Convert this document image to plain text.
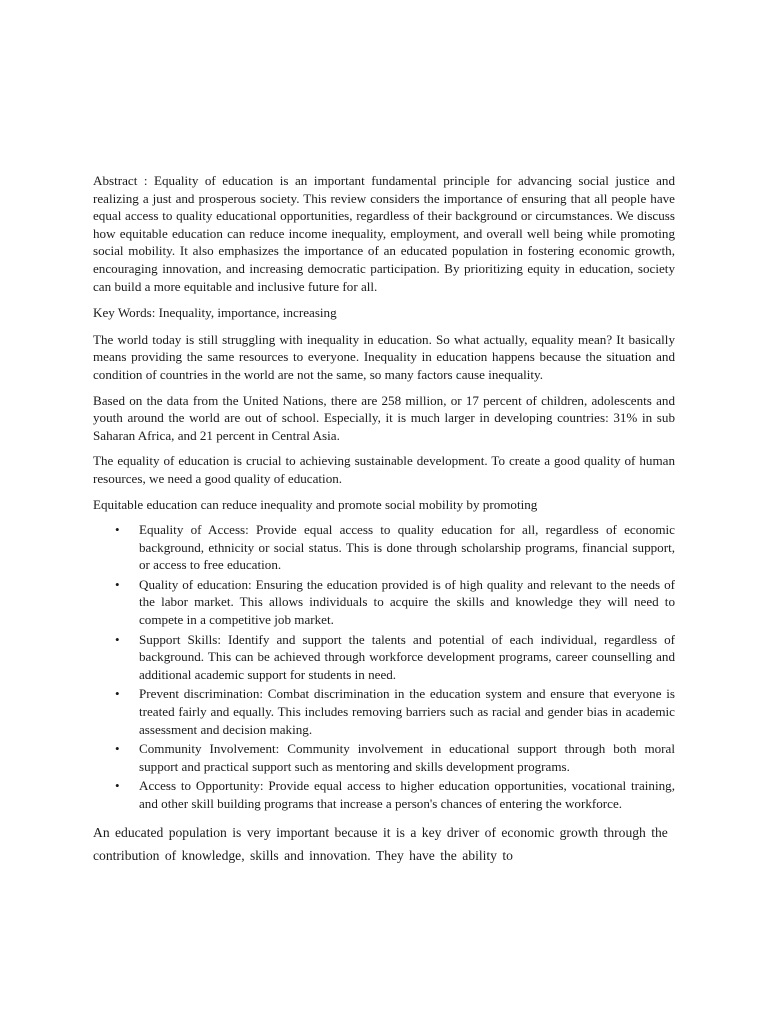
Abstract : Equality of education is an important fundamental principle for advancing social justice and realizing a just and prosperous society. This review considers the importance of ensuring that all people have equal access to quality educational opportunities, regardless of their background or circumstances. We discuss how equitable education can reduce income inequality, employment, and overall well being while promoting social mobility. It also emphasizes the importance of an educated population in fostering economic growth, encouraging innovation, and increasing democratic participation. By prioritizing equity in education, society can build a more equitable and inclusive future for all.

Key Words: Inequality, importance, increasing

The world today is still struggling with inequality in education. So what actually, equality mean? It basically means providing the same resources to everyone. Inequality in education happens because the situation and condition of countries in the world are not the same, so many factors cause inequality.

Based on the data from the United Nations, there are 258 million, or 17 percent of children, adolescents and youth around the world are out of school. Especially, it is much larger in developing countries: 31% in sub Saharan Africa, and 21 percent in Central Asia.

The equality of education is crucial to achieving sustainable development. To create a good quality of human resources, we need a good quality of education.

Equitable education can reduce inequality and promote social mobility by promoting

• Equality of Access: Provide equal access to quality education for all, regardless of economic background, ethnicity or social status. This is done through scholarship programs, financial support, or access to free education.
• Quality of education: Ensuring the education provided is of high quality and relevant to the needs of the labor market. This allows individuals to acquire the skills and knowledge they will need to compete in a competitive job market.
• Support Skills: Identify and support the talents and potential of each individual, regardless of background. This can be achieved through workforce development programs, career counselling and additional academic support for students in need.
• Prevent discrimination: Combat discrimination in the education system and ensure that everyone is treated fairly and equally. This includes removing barriers such as racial and gender bias in academic assessment and decision making.
• Community Involvement: Community involvement in educational support through both moral support and practical support such as mentoring and skills development programs.
• Access to Opportunity: Provide equal access to higher education opportunities, vocational training, and other skill building programs that increase a person's chances of entering the workforce.

An educated population is very important because it is a key driver of economic growth through the contribution of knowledge, skills and innovation. They have the ability to
